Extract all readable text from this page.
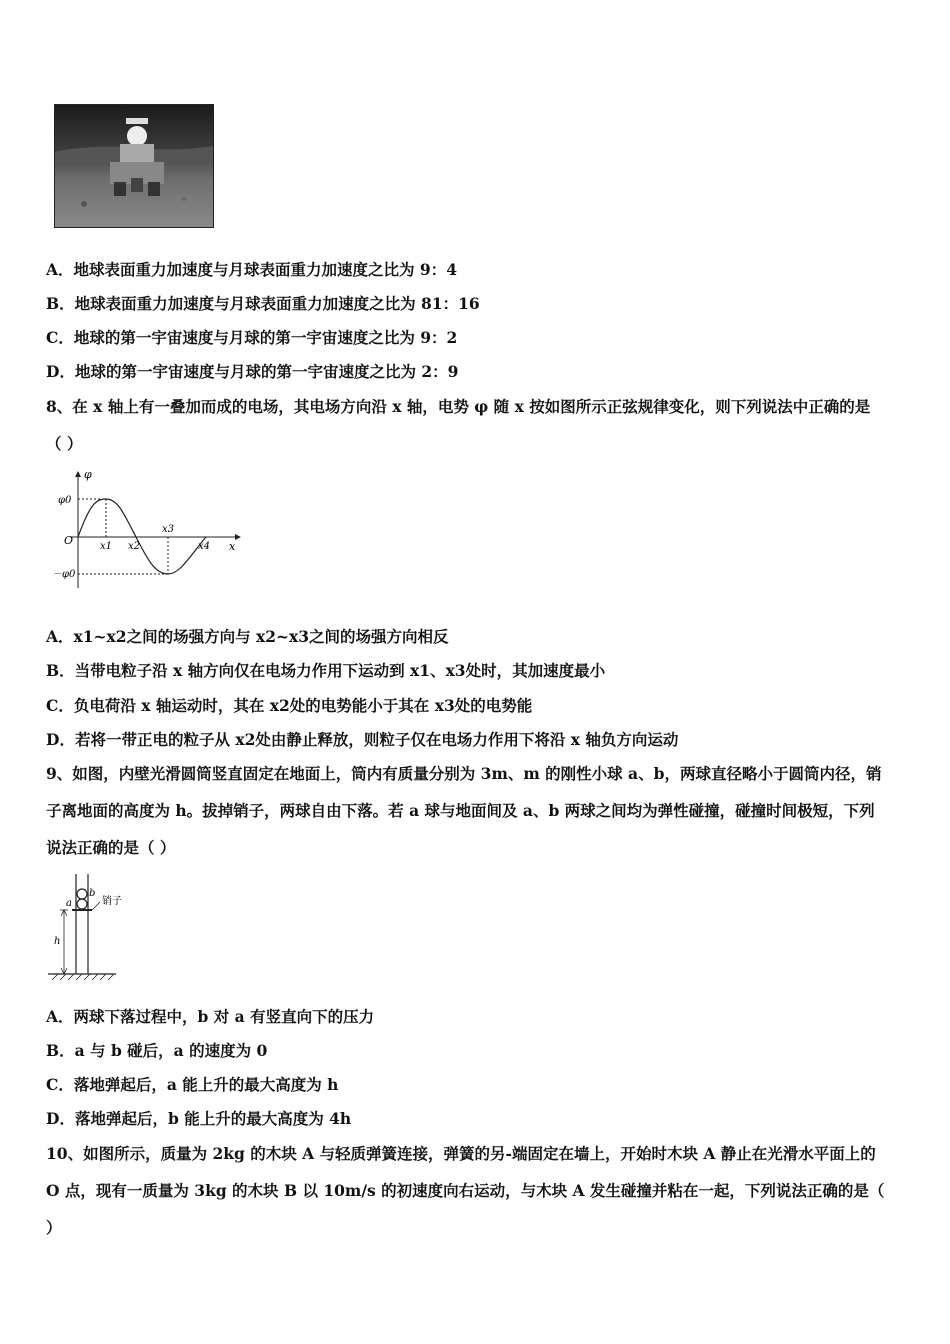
A．地球表面重力加速度与月球表面重力加速度之比为 9：4
B．地球表面重力加速度与月球表面重力加速度之比为 81：16
C．地球的第一宇宙速度与月球的第一宇宙速度之比为 9：2
D．地球的第一宇宙速度与月球的第一宇宙速度之比为 2：9
8、在 x 轴上有一叠加而成的电场，其电场方向沿 x 轴，电势 φ 随 x 按如图所示正弦规律变化，则下列说法中正确的是
（ ）
φ
φ0
O
－φ0
x1 x2
x3
x4 x
A．x1~x2之间的场强方向与 x2~x3之间的场强方向相反
B．当带电粒子沿 x 轴方向仅在电场力作用下运动到 x1、x3处时，其加速度最小
C．负电荷沿 x 轴运动时，其在 x2处的电势能小于其在 x3处的电势能
D．若将一带正电的粒子从 x2处由静止释放，则粒子仅在电场力作用下将沿 x 轴负方向运动
9、如图，内壁光滑圆筒竖直固定在地面上，筒内有质量分别为 3m、m 的刚性小球 a、b，两球直径略小于圆筒内径，销
子离地面的高度为 h。拔掉销子，两球自由下落。若 a 球与地面间及 a、b 两球之间均为弹性碰撞，碰撞时间极短，下列
说法正确的是（ ）
a
b
h
销子
A．两球下落过程中，b 对 a 有竖直向下的压力
B．a 与 b 碰后，a 的速度为 0
C．落地弹起后，a 能上升的最大高度为 h
D．落地弹起后，b 能上升的最大高度为 4h
10、如图所示，质量为 2kg 的木块 A 与轻质弹簧连接，弹簧的另-端固定在墙上，开始时木块 A 静止在光滑水平面上的
O 点，现有一质量为 3kg 的木块 B 以 10m/s 的初速度向右运动，与木块 A 发生碰撞并粘在一起，下列说法正确的是（
）
